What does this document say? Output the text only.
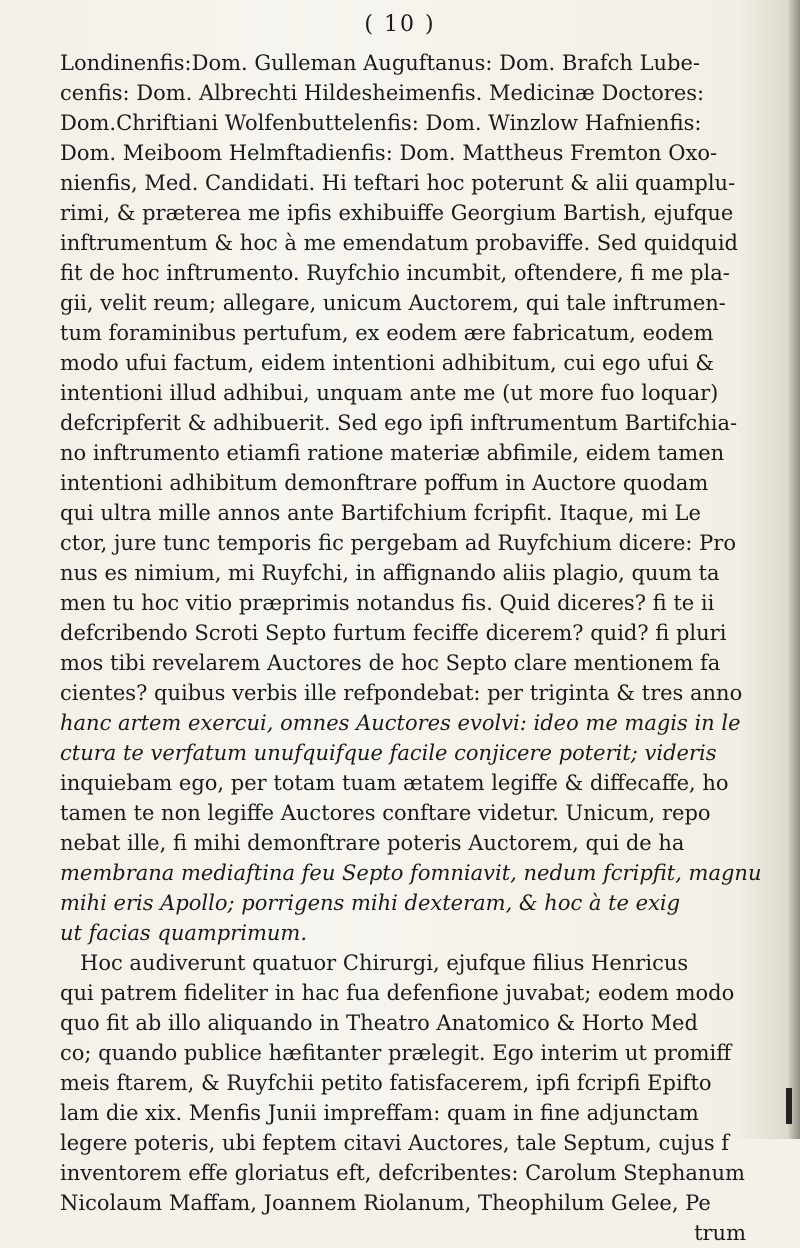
( 10 )
Londinenfis:Dom. Gulleman Auguftanus: Dom. Brafch Lube-
cenfis: Dom. Albrechti Hildesheimenfis. Medicinæ Doctores:
Dom.Chriftiani Wolfenbuttelenfis: Dom. Winzlow Hafnienfis:
Dom. Meiboom Helmftadienfis: Dom. Mattheus Fremton Oxo-
nienfis, Med. Candidati. Hi teftari hoc poterunt & alii quamplu-
rimi, & præterea me ipfis exhibuiffe Georgium Bartish, ejufque
inftrumentum & hoc à me emendatum probaviffe. Sed quidquid
fit de hoc inftrumento. Ruyfchio incumbit, oftendere, fi me pla-
gii, velit reum; allegare, unicum Auctorem, qui tale inftrumen-
tum foraminibus pertufum, ex eodem ære fabricatum, eodem
modo ufui factum, eidem intentioni adhibitum, cui ego ufui &
intentioni illud adhibui, unquam ante me (ut more fuo loquar)
defcripferit & adhibuerit. Sed ego ipfi inftrumentum Bartifchia-
no inftrumento etiamfi ratione materiæ abfimile, eidem tamen
intentioni adhibitum demonftrare poffum in Auctore quodam
qui ultra mille annos ante Bartifchium fcripfit. Itaque, mi Le
ctor, jure tunc temporis fic pergebam ad Ruyfchium dicere: Pro
nus es nimium, mi Ruyfchi, in affignando aliis plagio, quum ta
men tu hoc vitio præprimis notandus fis. Quid diceres? fi te ii
defcribendo Scroti Septo furtum feciffe dicerem? quid? fi pluri
mos tibi revelarem Auctores de hoc Septo clare mentionem fa
cientes? quibus verbis ille refpondebat: per triginta & tres anno
hanc artem exercui, omnes Auctores evolvi: ideo me magis in le
ctura te verfatum unufquifque facile conjicere poterit; videris
inquiebam ego, per totam tuam ætatem legiffe & diffecaffe, ho
tamen te non legiffe Auctores conftare videtur. Unicum, repo
nebat ille, fi mihi demonftrare poteris Auctorem, qui de ha
membrana mediaftina feu Septo fomniavit, nedum fcripfit, magnu
mihi eris Apollo; porrigens mihi dexteram, & hoc à te exig
ut facias quamprimum.
Hoc audiverunt quatuor Chirurgi, ejufque filius Henricus
qui patrem fideliter in hac fua defenfione juvabat; eodem modo
quo fit ab illo aliquando in Theatro Anatomico & Horto Med
co; quando publice hæfitanter prælegit. Ego interim ut promiff
meis ftarem, & Ruyfchii petito fatisfacerem, ipfi fcripfi Epifto
lam die xix. Menfis Junii impreffam: quam in fine adjunctam
legere poteris, ubi feptem citavi Auctores, tale Septum, cujus f
inventorem effe gloriatus eft, defcribentes: Carolum Stephanum
Nicolaum Maffam, Joannem Riolanum, Theophilum Gelee, Pe
trum
